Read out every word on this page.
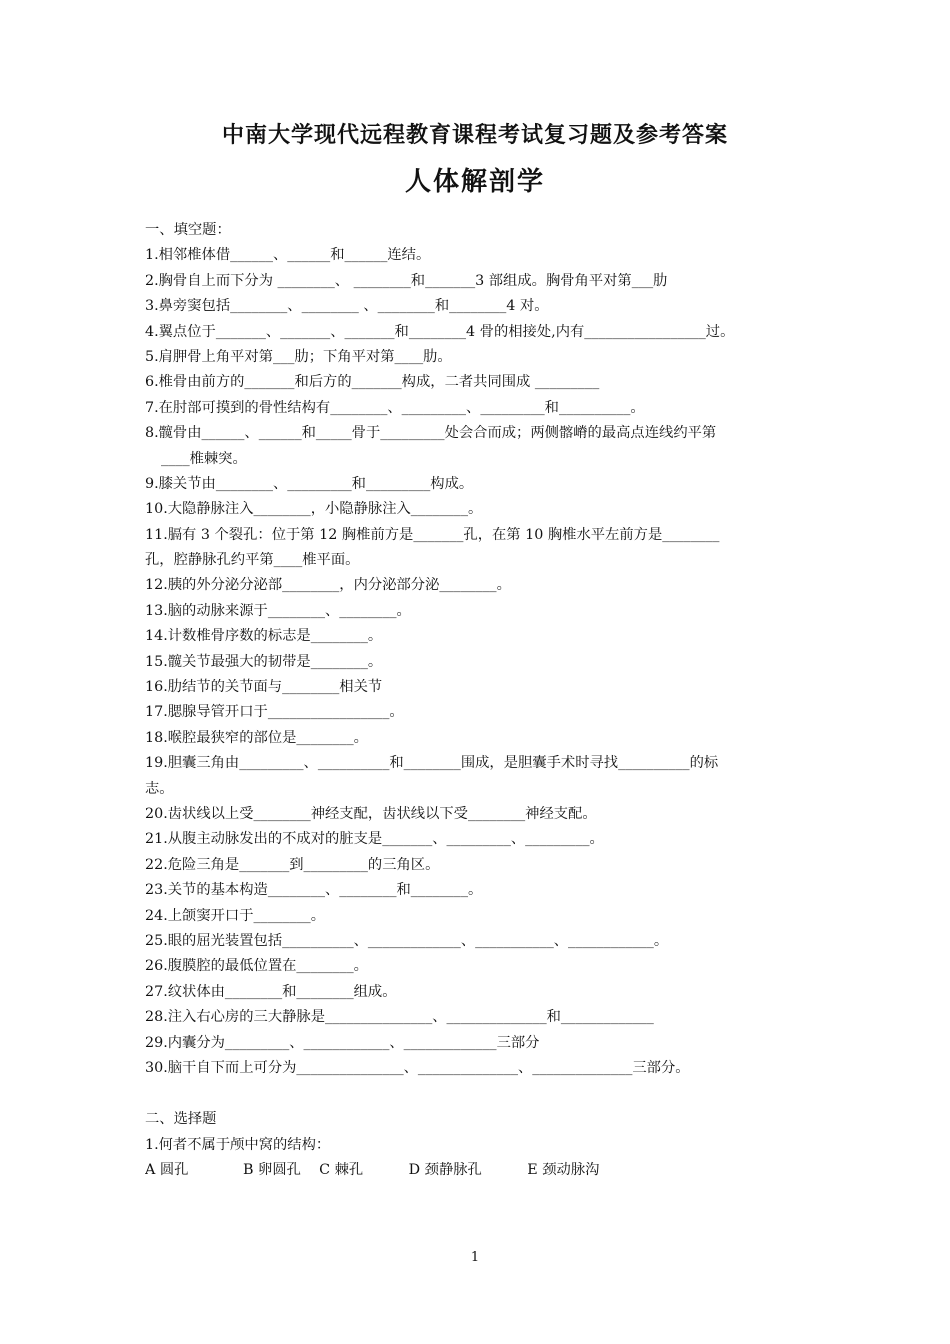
中南大学现代远程教育课程考试复习题及参考答案
人体解剖学
一、填空题：
1.相邻椎体借______、______和______连结。
2.胸骨自上而下分为 ________、 ________和_______3 部组成。胸骨角平对第___肋
3.鼻旁窦包括________、________ 、________和________4 对。
4.翼点位于_______、_______、_______和________4 骨的相接处,内有_________________过。
5.肩胛骨上角平对第___肋；下角平对第____肋。
6.椎骨由前方的_______和后方的_______构成，二者共同围成 _________
7.在肘部可摸到的骨性结构有________、_________、_________和__________。
8.髋骨由______、______和_____骨于_________处会合而成；两侧髂嵴的最高点连线约平第
____椎棘突。
9.膝关节由________、_________和_________构成。
10.大隐静脉注入________，小隐静脉注入________。
11.膈有 3 个裂孔：位于第 12 胸椎前方是_______孔，在第 10 胸椎水平左前方是________
孔，腔静脉孔约平第____椎平面。
12.胰的外分泌分泌部________，内分泌部分泌________。
13.脑的动脉来源于________、________。
14.计数椎骨序数的标志是________。
15.髋关节最强大的韧带是________。
16.肋结节的关节面与________相关节
17.腮腺导管开口于_________________。
18.喉腔最狭窄的部位是________。
19.胆囊三角由_________、__________和________围成，是胆囊手术时寻找__________的标
志。
20.齿状线以上受________神经支配，齿状线以下受________神经支配。
21.从腹主动脉发出的不成对的脏支是_______、_________、_________。
22.危险三角是_______到_________的三角区。
23.关节的基本构造________、________和________。
24.上颌窦开口于________。
25.眼的屈光装置包括__________、_____________、___________、____________。
26.腹膜腔的最低位置在________。
27.纹状体由________和________组成。
28.注入右心房的三大静脉是_______________、______________和_____________
29.内囊分为_________、____________、_____________三部分
30.脑干自下而上可分为_______________、______________、______________三部分。
二、选择题
1.何者不属于颅中窝的结构：
A 圆孔            B 卵圆孔    C 棘孔          D 颈静脉孔          E 颈动脉沟
1
